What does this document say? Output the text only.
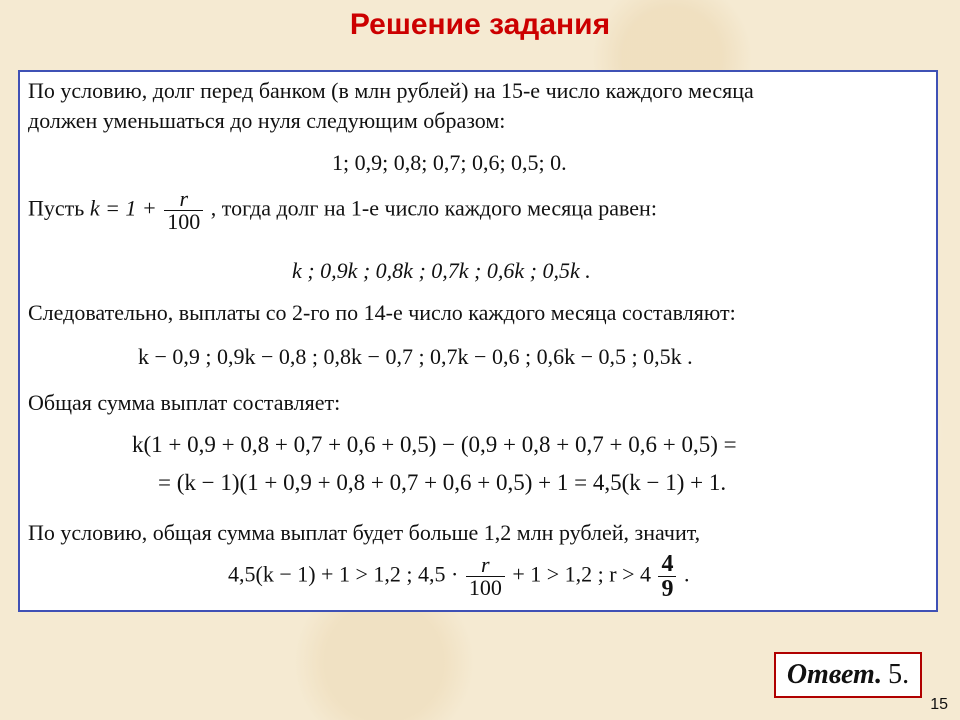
Решение задания
По условию, долг перед банком (в млн рублей) на 15-е число каждого месяца
должен уменьшаться до нуля следующим образом:
1; 0,9; 0,8; 0,7; 0,6; 0,5; 0.
Пусть $k = 1 + \frac{r}{100}$ , тогда долг на 1-е число каждого месяца равен:
k ; 0,9k ; 0,8k ; 0,7k ; 0,6k ; 0,5k .
Следовательно, выплаты со 2-го по 14-е число каждого месяца составляют:
k − 0,9 ; 0,9k − 0,8 ; 0,8k − 0,7 ; 0,7k − 0,6 ; 0,6k − 0,5 ; 0,5k .
Общая сумма выплат составляет:
k(1 + 0,9 + 0,8 + 0,7 + 0,6 + 0,5) − (0,9 + 0,8 + 0,7 + 0,6 + 0,5) =
= (k − 1)(1 + 0,9 + 0,8 + 0,7 + 0,6 + 0,5) + 1 = 4,5(k − 1) + 1.
По условию, общая сумма выплат будет больше 1,2 млн рублей, значит,
4,5(k − 1) + 1 > 1,2 ; $4,5 \cdot \frac{r}{100} + 1 > 1,2$ ; $r > 4 \frac{4}{9}$ .
Ответ. 5.
15
